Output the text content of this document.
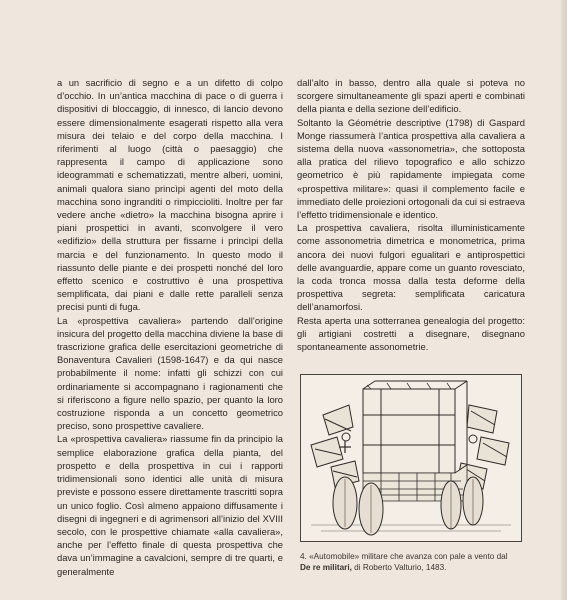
a un sacrificio di segno e a un difetto di colpo d’occhio. In un’antica macchina di pace o di guerra i dispositivi di bloccaggio, di innesco, di lancio devono essere dimensionalmente esagerati rispetto alla vera misura dei telaio e del corpo della macchina. I riferimenti al luogo (città o paesaggio) che rappresenta il campo di applicazione sono ideogrammati e schematizzati, mentre alberi, uomini, animali qualora siano princìpi agenti del moto della macchina sono ingranditi o rimpiccioliti. Inoltre per far vedere anche «dietro» la macchina bisogna aprire i piani prospettici in avanti, sconvolgere il vero «edifizio» della struttura per fissarne i princìpi della marcia e del funzionamento. In questo modo il riassunto delle piante e dei prospetti nonché del loro effetto scenico e costruttivo è una prospettiva semplificata, dai piani e dalle rette paralleli senza precisi punti di fuga.

La «prospettiva cavaliera» partendo dall’origine insicura del progetto della macchina diviene la base di trascrizione grafica delle esercitazioni geometriche di Bonaventura Cavalieri (1598-1647) e da qui nasce probabilmente il nome: infatti gli schizzi con cui ordinariamente si accompagnano i ragionamenti che si riferiscono a figure nello spazio, per quanto la loro costruzione risponda a un concetto geometrico preciso, sono prospettive cavaliere.

La «prospettiva cavaliera» riassume fin da principio la semplice elaborazione grafica della pianta, del prospetto e della prospettiva in cui i rapporti tridimensionali sono identici alle unità di misura previste e possono essere direttamente trascritti sopra un unico foglio. Così almeno appaiono diffusamente i disegni di ingegneri e di agrimensori all’inizio del XVIII secolo, con le prospettive chiamate «alla cavaliera», anche per l’effetto finale di questa prospettiva che dava un’immagine a cavalcioni, sempre di tre quarti, e generalmente

dall’alto in basso, dentro alla quale si poteva no scorgere simultaneamente gli spazi aperti e combinati della pianta e della sezione dell’edificio.

Soltanto la Géométrie descriptive (1798) di Gaspard Monge riassumerà l’antica prospettiva alla cavaliera a sistema della nuova «assonometria», che sottoposta alla pratica del rilievo topografico e allo schizzo geometrico è più rapidamente impiegata come «prospettiva militare»: quasi il complemento facile e immediato delle proiezioni ortogonali da cui si estraeva l’effetto tridimensionale e identico.

La prospettiva cavaliera, risolta illuministicamente come assonometria dimetrica e monometrica, prima ancora dei nuovi fulgori egualitari e antiprospettici delle avanguardie, appare come un guanto rovesciato, la coda tronca mossa dalla testa deforme della prospettiva segreta: semplificata caricatura dell’anamorfosi.

Resta aperta una sotterranea genealogia del progetto: gli artigiani costretti a disegnare, disegnano spontaneamente assonometrie.

4. «Automobile» militare che avanza con pale a vento dal
De re militari, di Roberto Valturio, 1483.
